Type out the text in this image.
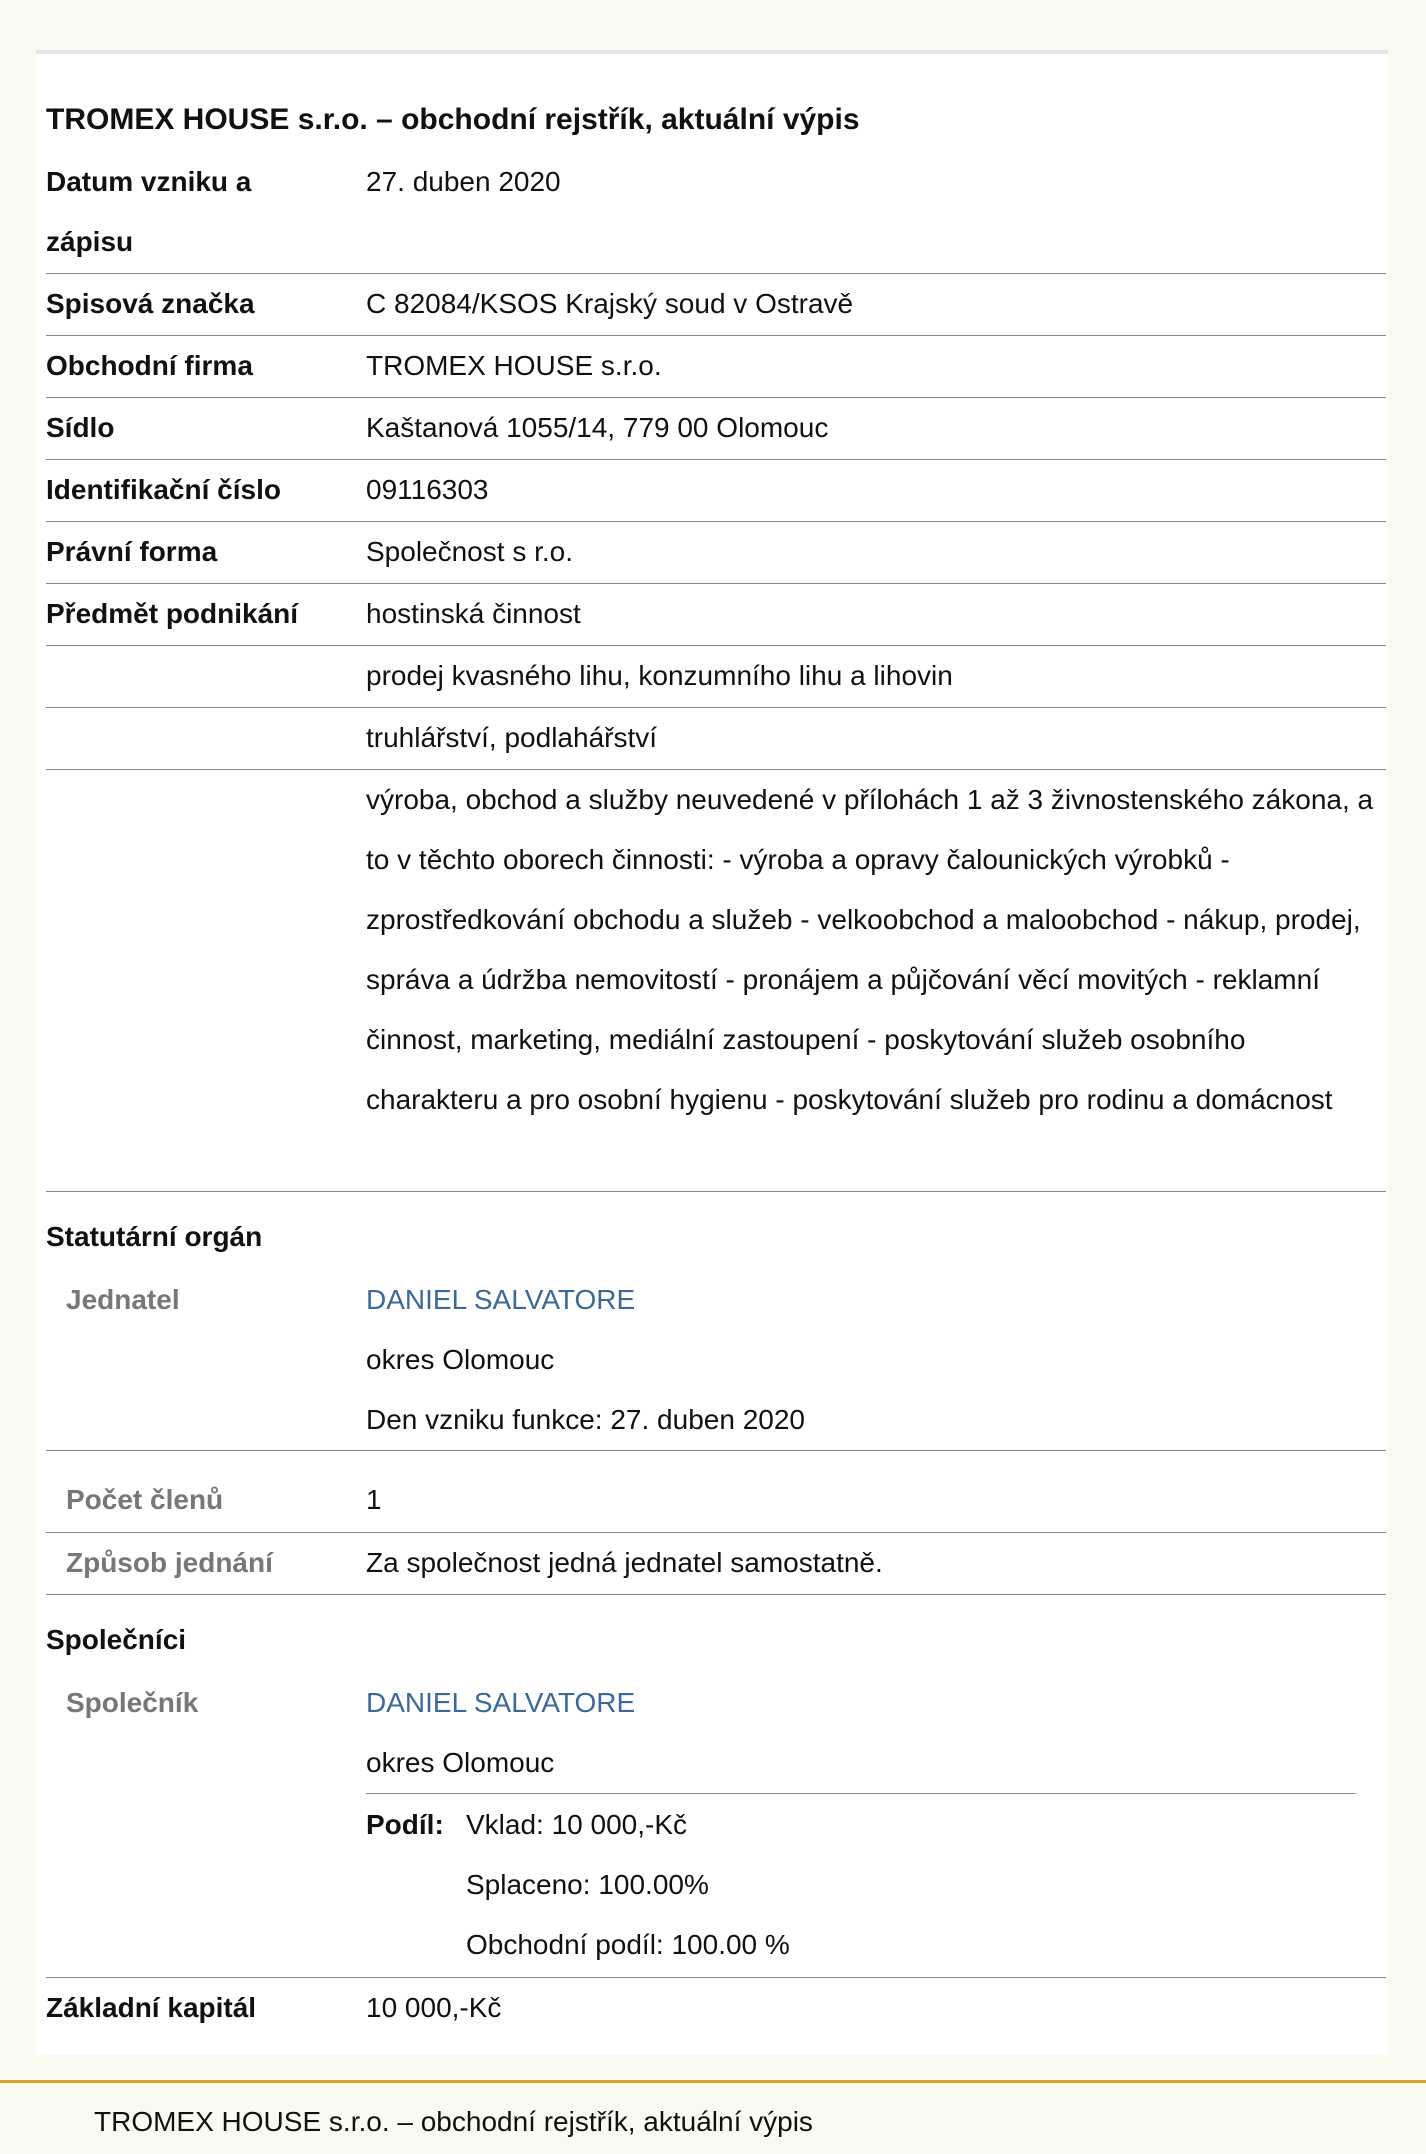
TROMEX HOUSE s.r.o. – obchodní rejstřík, aktuální výpis
Datum vzniku a zápisu
27. duben 2020
Spisová značka	C 82084/KSOS Krajský soud v Ostravě
Obchodní firma	TROMEX HOUSE s.r.o.
Sídlo	Kaštanová 1055/14, 779 00 Olomouc
Identifikační číslo	09116303
Právní forma	Společnost s r.o.
Předmět podnikání	hostinská činnost
prodej kvasného lihu, konzumního lihu a lihovin
truhlářství, podlahářství
výroba, obchod a služby neuvedené v přílohách 1 až 3 živnostenského zákona, a to v těchto oborech činnosti: - výroba a opravy čalounických výrobků - zprostředkování obchodu a služeb - velkoobchod a maloobchod - nákup, prodej, správa a údržba nemovitostí - pronájem a půjčování věcí movitých - reklamní činnost, marketing, mediální zastoupení - poskytování služeb osobního charakteru a pro osobní hygienu - poskytování služeb pro rodinu a domácnost
Statutární orgán
Jednatel	DANIEL SALVATORE
okres Olomouc
Den vzniku funkce: 27. duben 2020
Počet členů	1
Způsob jednání	Za společnost jedná jednatel samostatně.
Společníci
Společník	DANIEL SALVATORE
okres Olomouc
Podíl: Vklad: 10 000,-Kč
Splaceno: 100.00%
Obchodní podíl: 100.00 %
Základní kapitál	10 000,-Kč
TROMEX HOUSE s.r.o. – obchodní rejstřík, aktuální výpis
